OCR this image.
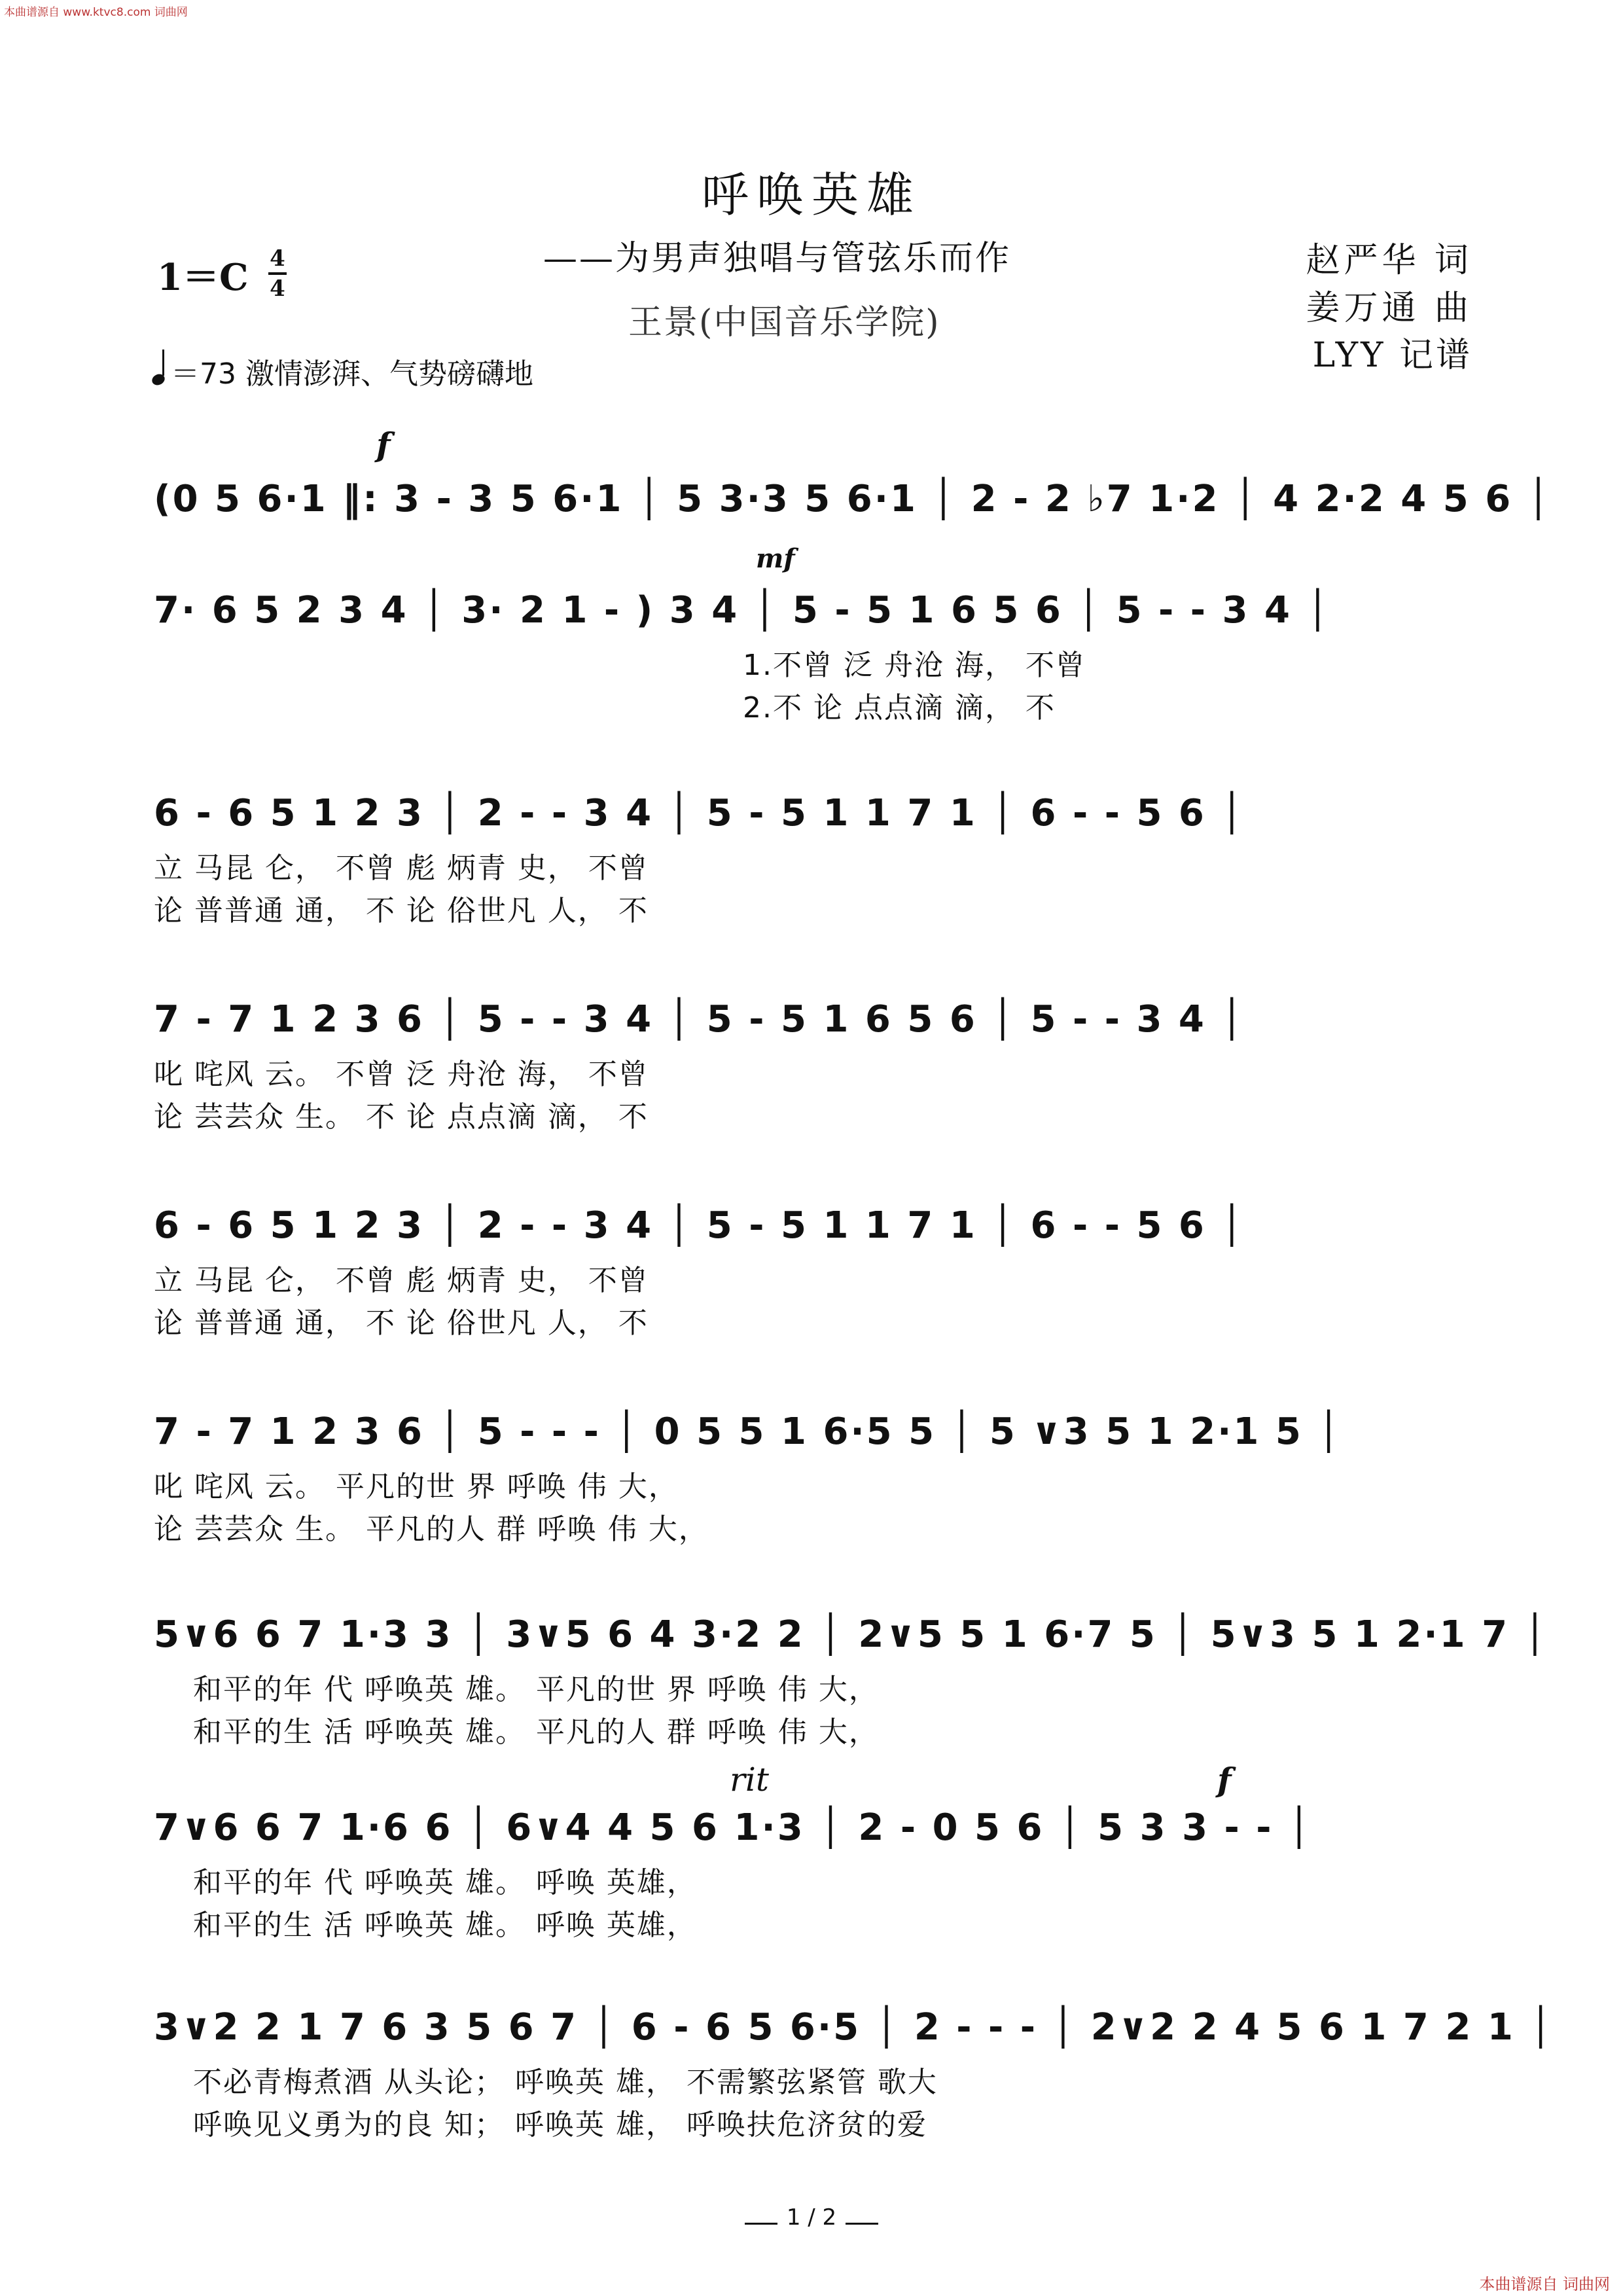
本曲谱源自 www.ktvc8.com 词曲网
呼唤英雄
——为男声独唱与管弦乐而作
王景(中国音乐学院)
赵严华 词
姜万通 曲
LYY 记谱
1＝C 4
4
＝73 激情澎湃、气势磅礴地
f
(0 5 6·1 ‖: 3 - 3 5 6·1 │ 5 3·3 5 6·1 │ 2 - 2 ♭7 1·2 │ 4 2·2 4 5 6 │
mf
7· 6 5 2 3 4 │ 3· 2 1 - ) 3 4 │ 5 - 5 1 6 5 6 │ 5 - - 3 4 │
1.不曾 泛 舟沧 海， 不曾
2.不 论 点点滴 滴， 不
6 - 6 5 1 2 3 │ 2 - - 3 4 │ 5 - 5 1 1 7 1 │ 6 - - 5 6 │
立 马昆 仑， 不曾 彪 炳青 史， 不曾
论 普普通 通， 不 论 俗世凡 人， 不
7 - 7 1 2 3 6 │ 5 - - 3 4 │ 5 - 5 1 6 5 6 │ 5 - - 3 4 │
叱 咤风 云。 不曾 泛 舟沧 海， 不曾
论 芸芸众 生。 不 论 点点滴 滴， 不
6 - 6 5 1 2 3 │ 2 - - 3 4 │ 5 - 5 1 1 7 1 │ 6 - - 5 6 │
立 马昆 仑， 不曾 彪 炳青 史， 不曾
论 普普通 通， 不 论 俗世凡 人， 不
7 - 7 1 2 3 6 │ 5 - - - │ 0 5 5 1 6·5 5 │ 5 ∨3 5 1 2·1 5 │
叱 咤风 云。 平凡的世 界 呼唤 伟 大，
论 芸芸众 生。 平凡的人 群 呼唤 伟 大，
5∨6 6 7 1·3 3 │ 3∨5 6 4 3·2 2 │ 2∨5 5 1 6·7 5 │ 5∨3 5 1 2·1 7 │
和平的年 代 呼唤英 雄。 平凡的世 界 呼唤 伟 大，
和平的生 活 呼唤英 雄。 平凡的人 群 呼唤 伟 大，
rit	f
7∨6 6 7 1·6 6 │ 6∨4 4 5 6 1·3 │ 2 - 0 5 6 │ 5 3 3 - - │
和平的年 代 呼唤英 雄。 呼唤 英雄，
和平的生 活 呼唤英 雄。 呼唤 英雄，
3∨2 2 1 7 6 3 5 6 7 │ 6 - 6 5 6·5 │ 2 - - - │ 2∨2 2 4 5 6 1 7 2 1 │
不必青梅煮酒 从头论； 呼唤英 雄， 不需繁弦紧管 歌大
呼唤见义勇为的良 知； 呼唤英 雄， 呼唤扶危济贫的爱
1 / 2
本曲谱源自 词曲网
